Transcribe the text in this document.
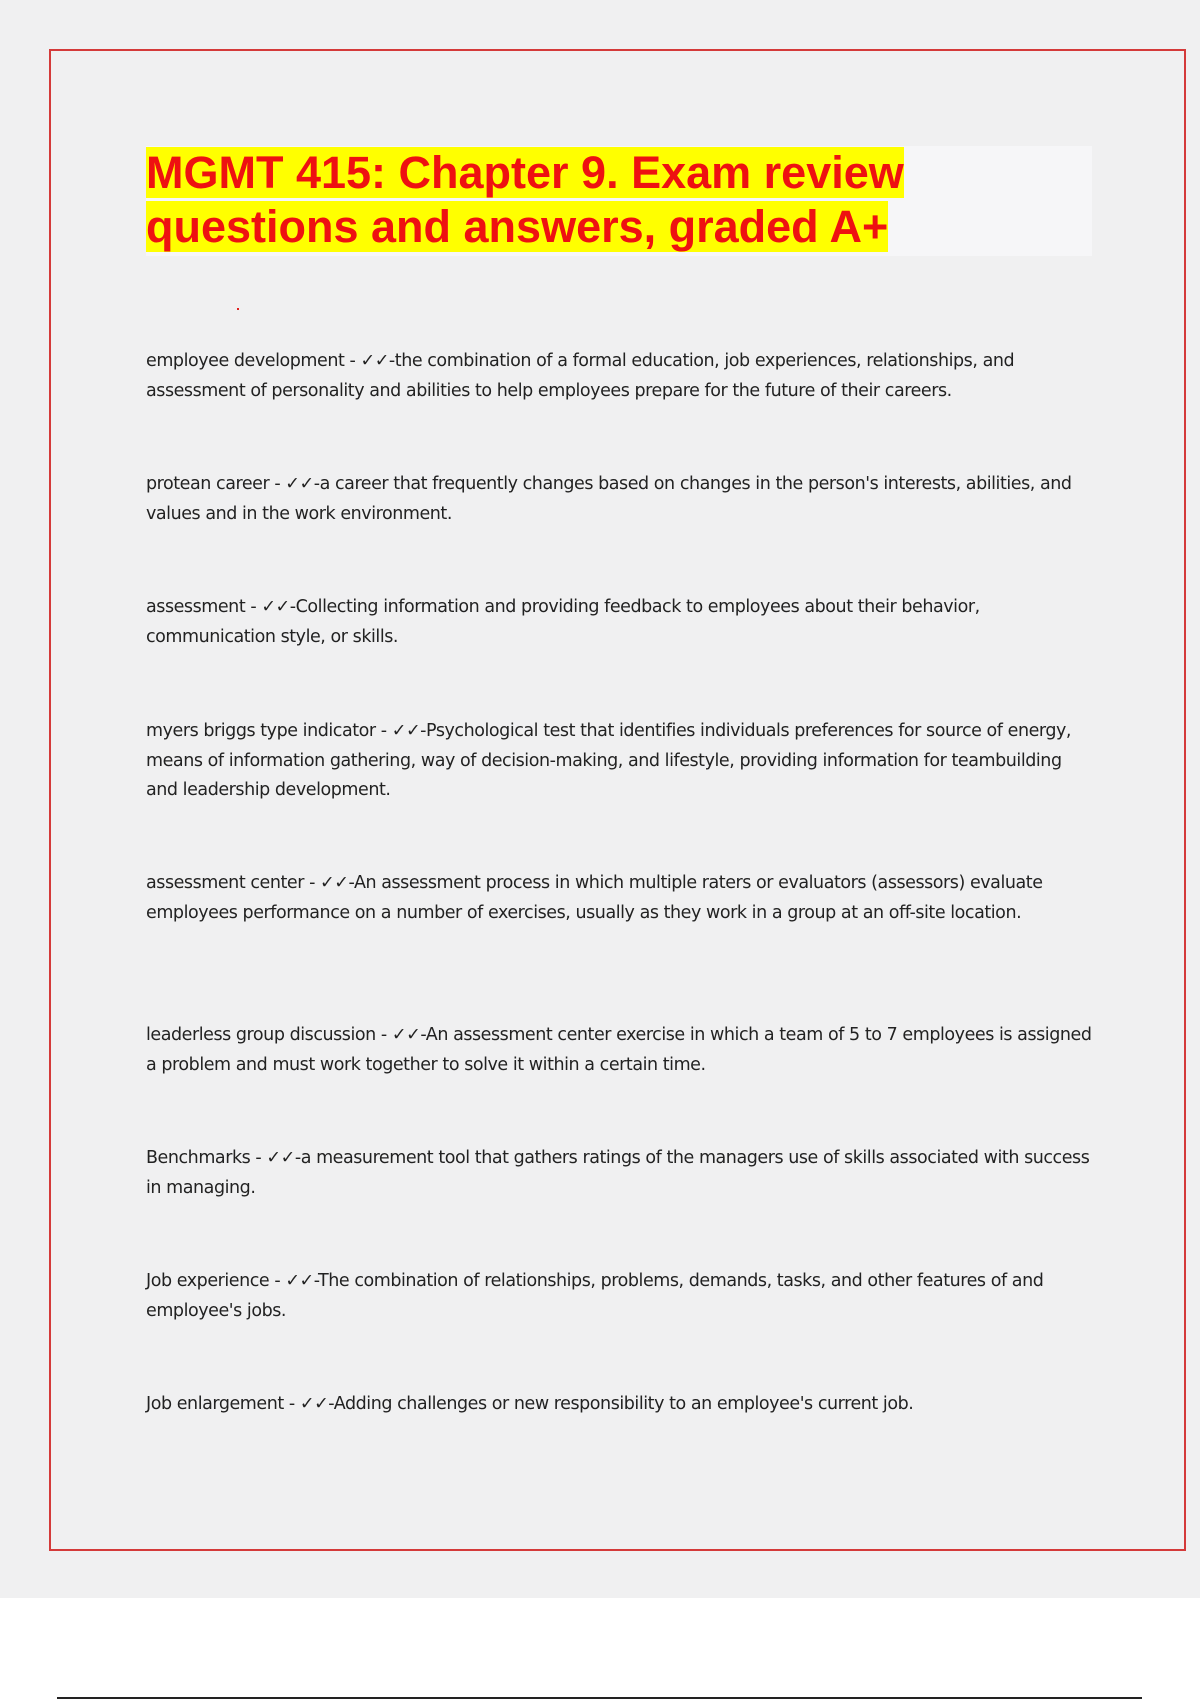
MGMT 415: Chapter 9. Exam review questions and answers, graded A+

employee development - ✓✓-the combination of a formal education, job experiences, relationships, and assessment of personality and abilities to help employees prepare for the future of their careers.

protean career - ✓✓-a career that frequently changes based on changes in the person's interests, abilities, and values and in the work environment.

assessment - ✓✓-Collecting information and providing feedback to employees about their behavior, communication style, or skills.

myers briggs type indicator - ✓✓-Psychological test that identifies individuals preferences for source of energy, means of information gathering, way of decision-making, and lifestyle, providing information for teambuilding and leadership development.

assessment center - ✓✓-An assessment process in which multiple raters or evaluators (assessors) evaluate employees performance on a number of exercises, usually as they work in a group at an off-site location.

leaderless group discussion - ✓✓-An assessment center exercise in which a team of 5 to 7 employees is assigned a problem and must work together to solve it within a certain time.

Benchmarks - ✓✓-a measurement tool that gathers ratings of the managers use of skills associated with success in managing.

Job experience - ✓✓-The combination of relationships, problems, demands, tasks, and other features of and employee's jobs.

Job enlargement - ✓✓-Adding challenges or new responsibility to an employee's current job.
